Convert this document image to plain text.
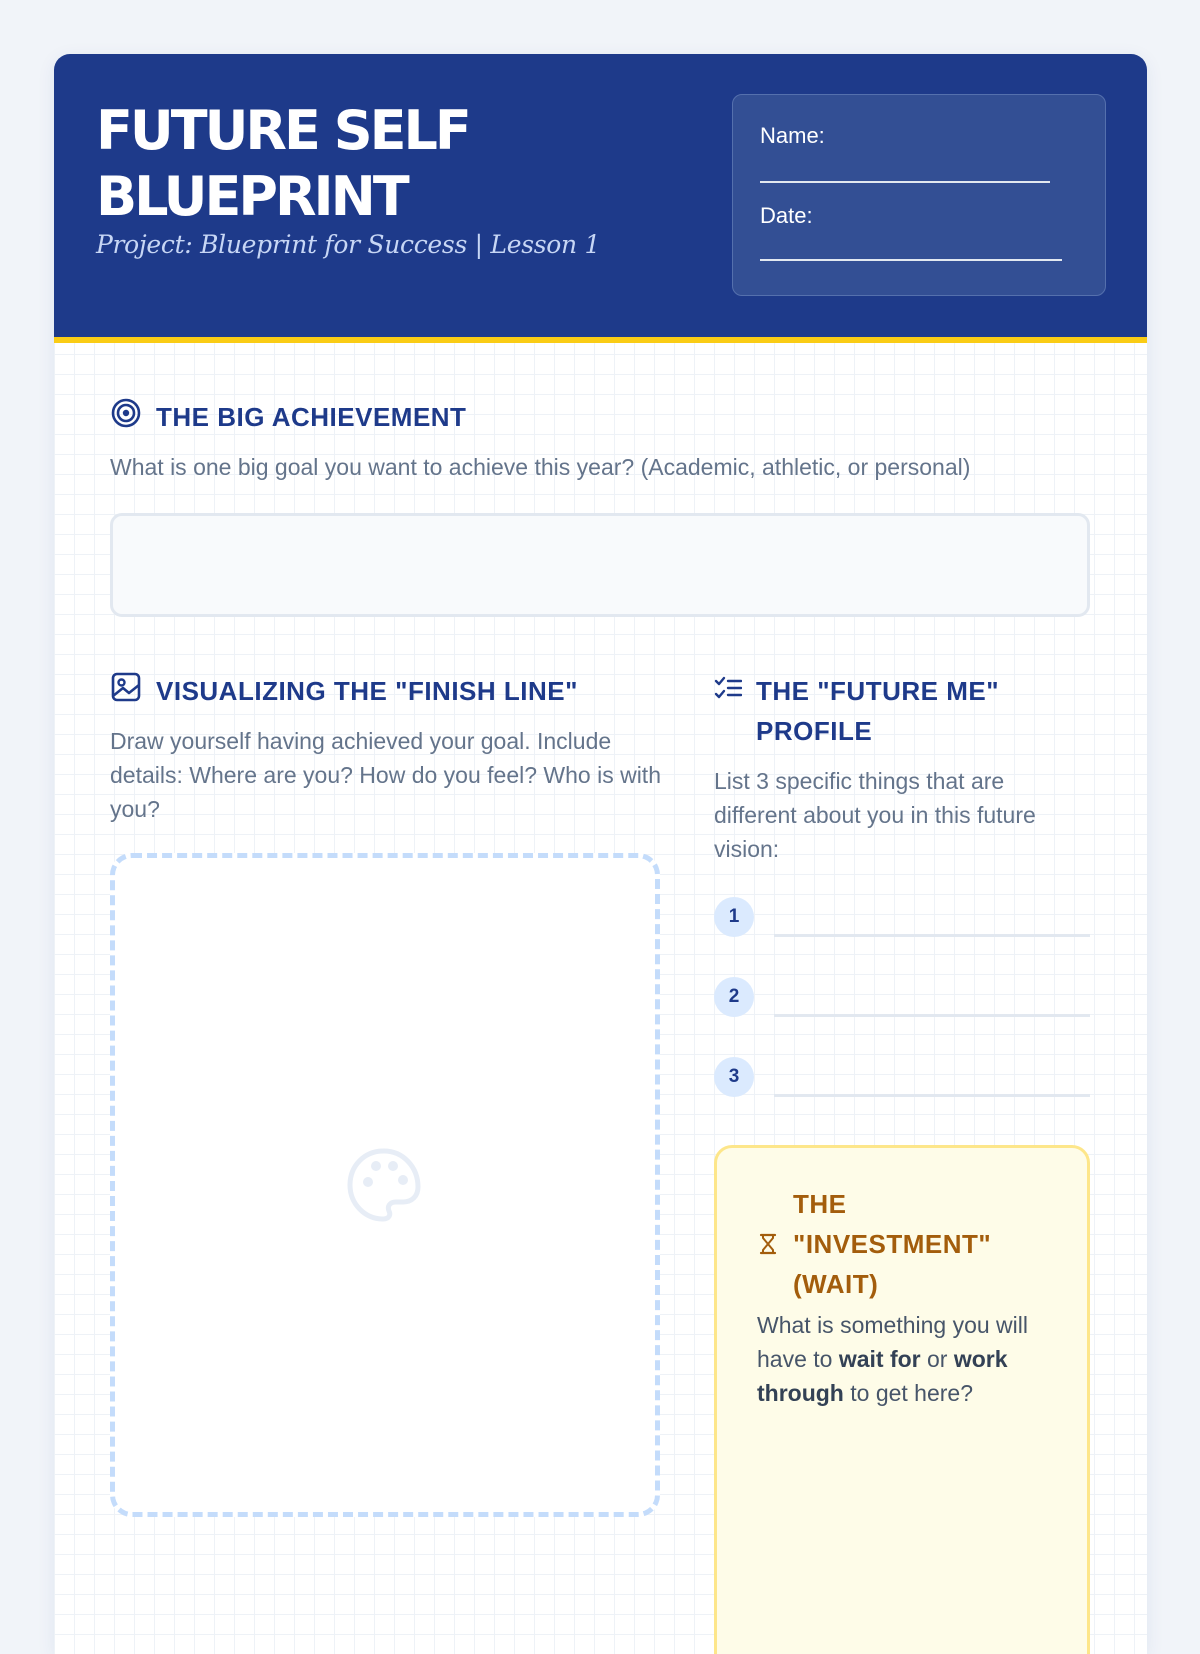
FUTURE SELF BLUEPRINT
Project: Blueprint for Success | Lesson 1
Name:
Date:
THE BIG ACHIEVEMENT

What is one big goal you want to achieve this year? (Academic, athletic, or personal)

VISUALIZING THE "FINISH LINE"

Draw yourself having achieved your goal. Include details: Where are you? How do you feel? Who is with you?

THE "FUTURE ME" PROFILE

List 3 specific things that are different about you in this future vision:

1
2
3
THE "INVESTMENT" (WAIT)

What is something you will have to wait for or work through to get here?
